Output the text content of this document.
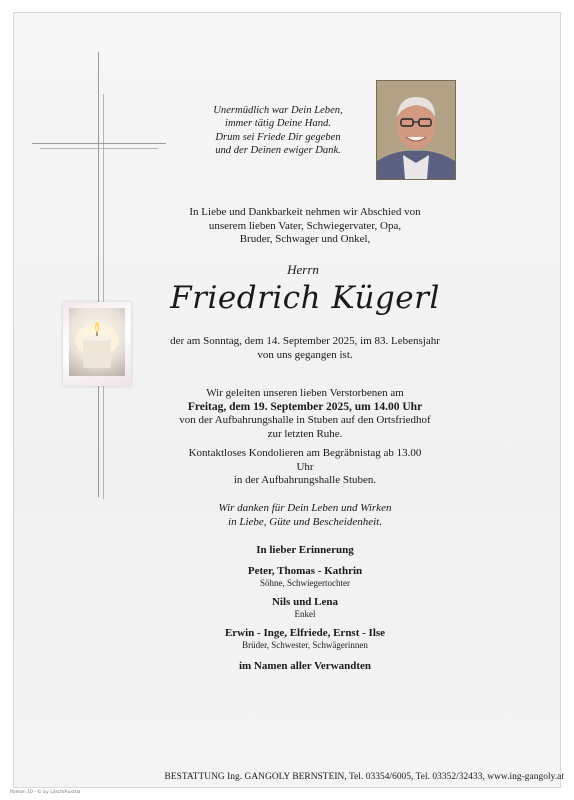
Unermüdlich war Dein Leben,
immer tätig Deine Hand.
Drum sei Friede Dir gegeben
und der Deinen ewiger Dank.
In Liebe und Dankbarkeit nehmen wir Abschied von
unserem lieben Vater, Schwiegervater, Opa,
Bruder, Schwager und Onkel,
Herrn
Friedrich Kügerl
der am Sonntag, dem 14. September 2025, im 83. Lebensjahr
von uns gegangen ist.
Wir geleiten unseren lieben Verstorbenen am
Freitag, dem 19. September 2025, um 14.00 Uhr
von der Aufbahrungshalle in Stuben auf den Ortsfriedhof
zur letzten Ruhe.
Kontaktloses Kondolieren am Begräbnistag ab 13.00 Uhr
in der Aufbahrungshalle Stuben.
Wir danken für Dein Leben und Wirken
in Liebe, Güte und Bescheidenheit.
In lieber Erinnerung
Peter, Thomas - Kathrin
Söhne, Schwiegertochter
Nils und Lena
Enkel
Erwin - Inge, Elfriede, Ernst - Ilse
Brüder, Schwester, Schwägerinnen
im Namen aller Verwandten
BESTATTUNG Ing. GANGOLY BERNSTEIN, Tel. 03354/6005, Tel. 03352/32433, www.ing-gangoly.at
Roman 10 - © by Lösch/Austria
